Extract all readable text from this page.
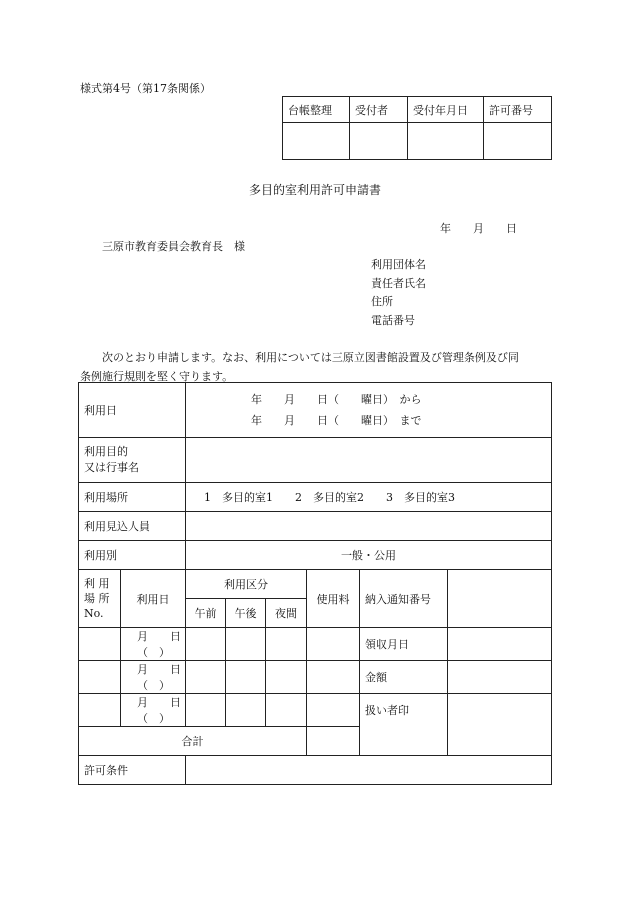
様式第4号（第17条関係）
台帳整理	受付者	受付年月日	許可番号

多目的室利用許可申請書
年　　月　　日
三原市教育委員会教育長　様
利用団体名
責任者氏名
住所
電話番号
次のとおり申請します。なお、利用については三原立図書館設置及び管理条例及び同
条例施行規則を堅く守ります。
利用日		年　　月　　日（　　曜日）　から
年　　月　　日（　　曜日）　まで					

利用目的
又は行事名							

利用場所		1　多目的室1　　2　多目的室2　　3　多目的室3					
利用見込人員							
利用別		一般・公用					

利 用
場 所
No.	利用日	利用区分			使用料	納入通知番号	
		午前	午後	夜間			
	月　　日（　）					領収月日	
	月　　日（　）					金額	
	月　　日（　）					扱い者印	
合計							
許可条件							
